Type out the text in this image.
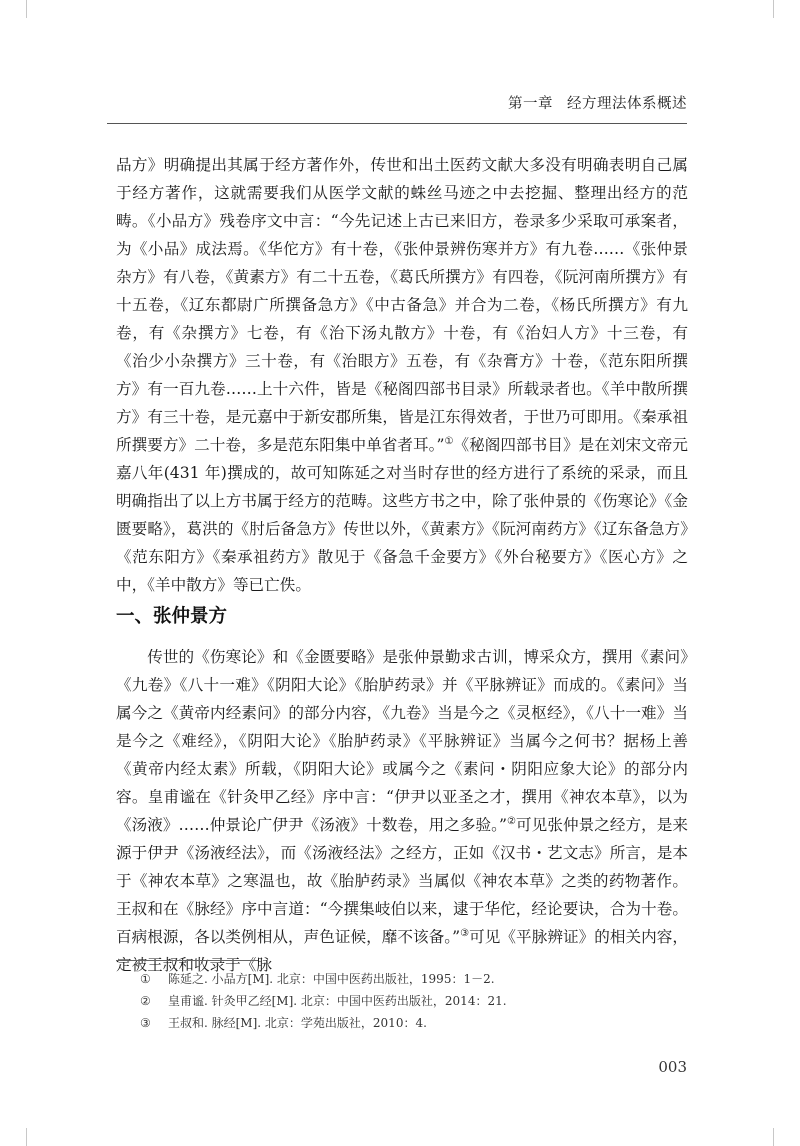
第一章 经方理法体系概述

品方》明确提出其属于经方著作外，传世和出土医药文献大多没有明确表明自己属于经方著作，这就需要我们从医学文献的蛛丝马迹之中去挖掘、整理出经方的范畴。《小品方》残卷序文中言：“今先记述上古已来旧方，卷录多少采取可承案者，为《小品》成法焉。《华佗方》有十卷，《张仲景辨伤寒并方》有九卷……《张仲景杂方》有八卷，《黄素方》有二十五卷，《葛氏所撰方》有四卷，《阮河南所撰方》有十五卷，《辽东都尉广所撰备急方》《中古备急》并合为二卷，《杨氏所撰方》有九卷，有《杂撰方》七卷，有《治下汤丸散方》十卷，有《治妇人方》十三卷，有《治少小杂撰方》三十卷，有《治眼方》五卷，有《杂膏方》十卷，《范东阳所撰方》有一百九卷……上十六件，皆是《秘阁四部书目录》所载录者也。《羊中散所撰方》有三十卷，是元嘉中于新安郡所集，皆是江东得效者，于世乃可即用。《秦承祖所撰要方》二十卷，多是范东阳集中单省者耳。”①《秘阁四部书目》是在刘宋文帝元嘉八年(431 年)撰成的，故可知陈延之对当时存世的经方进行了系统的采录，而且明确指出了以上方书属于经方的范畴。这些方书之中，除了张仲景的《伤寒论》《金匮要略》，葛洪的《肘后备急方》传世以外，《黄素方》《阮河南药方》《辽东备急方》《范东阳方》《秦承祖药方》散见于《备急千金要方》《外台秘要方》《医心方》之中，《羊中散方》等已亡佚。

一、张仲景方

传世的《伤寒论》和《金匮要略》是张仲景勤求古训，博采众方，撰用《素问》《九卷》《八十一难》《阴阳大论》《胎胪药录》并《平脉辨证》而成的。《素问》当属今之《黄帝内经素问》的部分内容，《九卷》当是今之《灵枢经》，《八十一难》当是今之《难经》，《阴阳大论》《胎胪药录》《平脉辨证》当属今之何书？据杨上善《黄帝内经太素》所载，《阴阳大论》或属今之《素问・阴阳应象大论》的部分内容。皇甫谧在《针灸甲乙经》序中言：“伊尹以亚圣之才，撰用《神农本草》，以为《汤液》……仲景论广伊尹《汤液》十数卷，用之多验。”②可见张仲景之经方，是来源于伊尹《汤液经法》，而《汤液经法》之经方，正如《汉书・艺文志》所言，是本于《神农本草》之寒温也，故《胎胪药录》当属似《神农本草》之类的药物著作。王叔和在《脉经》序中言道：“今撰集岐伯以来，逮于华佗，经论要诀，合为十卷。百病根源，各以类例相从，声色证候，靡不该备。”③可见《平脉辨证》的相关内容，定被王叔和收录于《脉

①	陈延之. 小品方[M]. 北京：中国中医药出版社，1995：1－2.
②	皇甫谧. 针灸甲乙经[M]. 北京：中国中医药出版社，2014：21.
③	王叔和. 脉经[M]. 北京：学苑出版社，2010：4.
003
